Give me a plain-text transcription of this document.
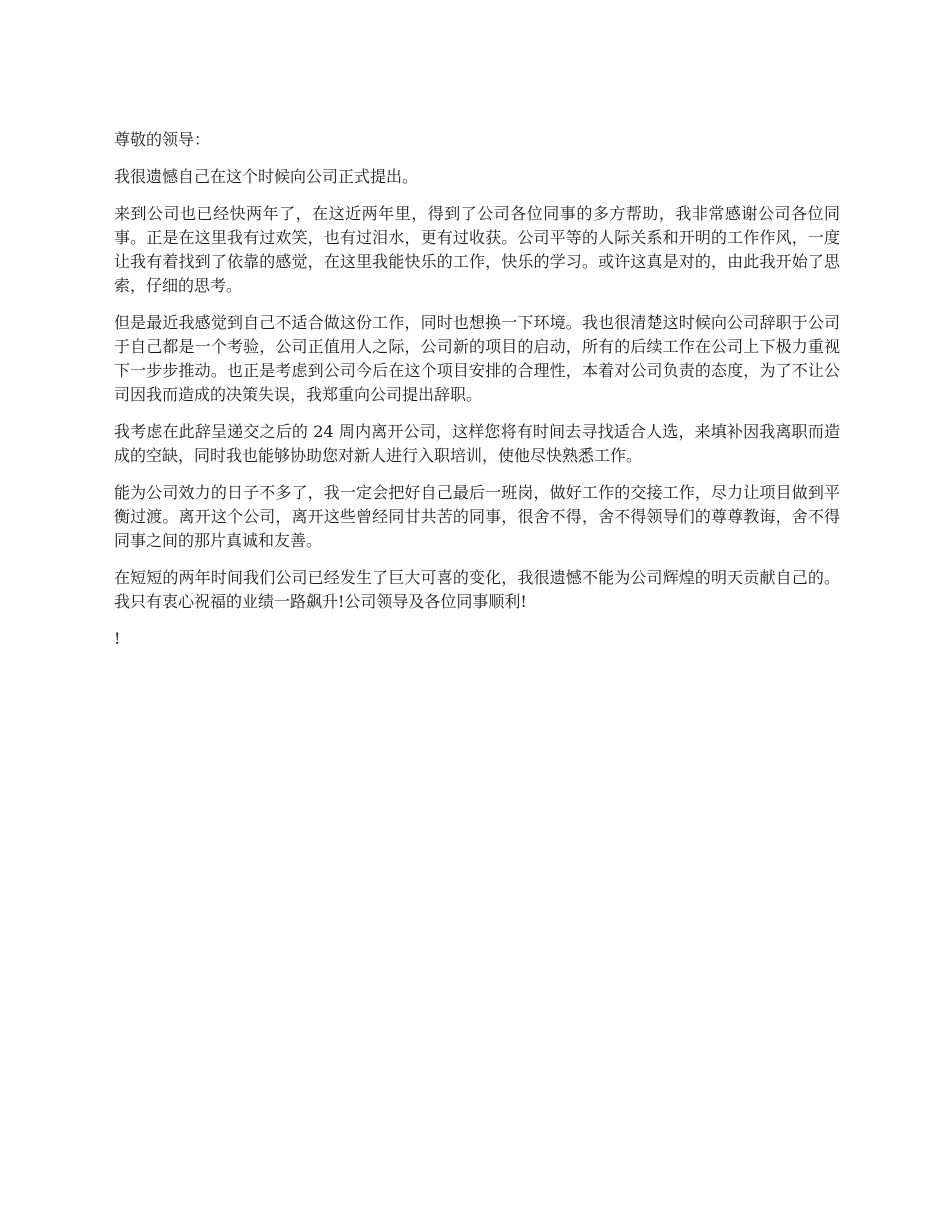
尊敬的领导：

我很遗憾自己在这个时候向公司正式提出。

来到公司也已经快两年了，在这近两年里，得到了公司各位同事的多方帮助，我非常感谢公司各位同事。正是在这里我有过欢笑，也有过泪水，更有过收获。公司平等的人际关系和开明的工作作风，一度让我有着找到了依靠的感觉，在这里我能快乐的工作，快乐的学习。或许这真是对的，由此我开始了思索，仔细的思考。

但是最近我感觉到自己不适合做这份工作，同时也想换一下环境。我也很清楚这时候向公司辞职于公司于自己都是一个考验，公司正值用人之际，公司新的项目的启动，所有的后续工作在公司上下极力重视下一步步推动。也正是考虑到公司今后在这个项目安排的合理性，本着对公司负责的态度，为了不让公司因我而造成的决策失误，我郑重向公司提出辞职。

我考虑在此辞呈递交之后的 24 周内离开公司，这样您将有时间去寻找适合人选，来填补因我离职而造成的空缺，同时我也能够协助您对新人进行入职培训，使他尽快熟悉工作。

能为公司效力的日子不多了，我一定会把好自己最后一班岗，做好工作的交接工作，尽力让项目做到平衡过渡。离开这个公司，离开这些曾经同甘共苦的同事，很舍不得，舍不得领导们的尊尊教诲，舍不得同事之间的那片真诚和友善。

在短短的两年时间我们公司已经发生了巨大可喜的变化，我很遗憾不能为公司辉煌的明天贡献自己的。我只有衷心祝福的业绩一路飙升!公司领导及各位同事顺利!

!
